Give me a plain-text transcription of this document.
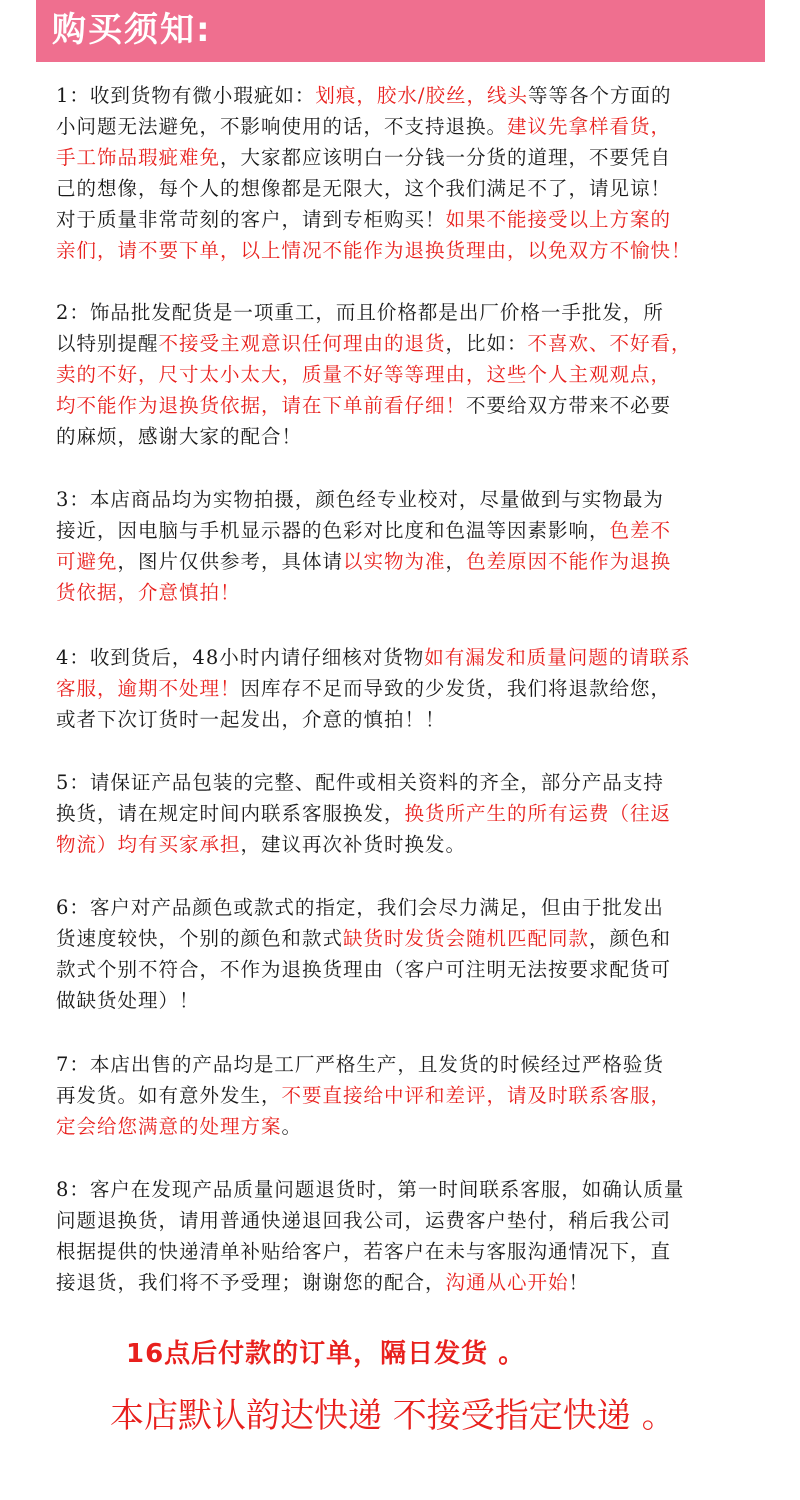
购买须知:
1：收到货物有微小瑕疵如：划痕，胶水/胶丝，线头等等各个方面的
小问题无法避免，不影响使用的话，不支持退换。建议先拿样看货，
手工饰品瑕疵难免，大家都应该明白一分钱一分货的道理，不要凭自
己的想像，每个人的想像都是无限大，这个我们满足不了，请见谅！
对于质量非常苛刻的客户，请到专柜购买！如果不能接受以上方案的
亲们，请不要下单，以上情况不能作为退换货理由，以免双方不愉快！
2：饰品批发配货是一项重工，而且价格都是出厂价格一手批发，所
以特别提醒不接受主观意识任何理由的退货，比如：不喜欢、不好看，
卖的不好，尺寸太小太大，质量不好等等理由，这些个人主观观点，
均不能作为退换货依据，请在下单前看仔细！不要给双方带来不必要
的麻烦，感谢大家的配合！
3：本店商品均为实物拍摄，颜色经专业校对，尽量做到与实物最为
接近，因电脑与手机显示器的色彩对比度和色温等因素影响，色差不
可避免，图片仅供参考，具体请以实物为准，色差原因不能作为退换
货依据，介意慎拍！
4：收到货后，48小时内请仔细核对货物如有漏发和质量问题的请联系
客服，逾期不处理！因库存不足而导致的少发货，我们将退款给您，
或者下次订货时一起发出，介意的慎拍！！
5：请保证产品包装的完整、配件或相关资料的齐全，部分产品支持
换货，请在规定时间内联系客服换发，换货所产生的所有运费（往返
物流）均有买家承担，建议再次补货时换发。
6：客户对产品颜色或款式的指定，我们会尽力满足，但由于批发出
货速度较快，个别的颜色和款式缺货时发货会随机匹配同款，颜色和
款式个别不符合，不作为退换货理由（客户可注明无法按要求配货可
做缺货处理）！
7：本店出售的产品均是工厂严格生产，且发货的时候经过严格验货
再发货。如有意外发生，不要直接给中评和差评，请及时联系客服，
定会给您满意的处理方案。
8：客户在发现产品质量问题退货时，第一时间联系客服，如确认质量
问题退换货，请用普通快递退回我公司，运费客户垫付，稍后我公司
根据提供的快递清单补贴给客户，若客户在未与客服沟通情况下，直
接退货，我们将不予受理；谢谢您的配合，沟通从心开始！
16点后付款的订单，隔日发货 。
本店默认韵达快递 不接受指定快递 。
